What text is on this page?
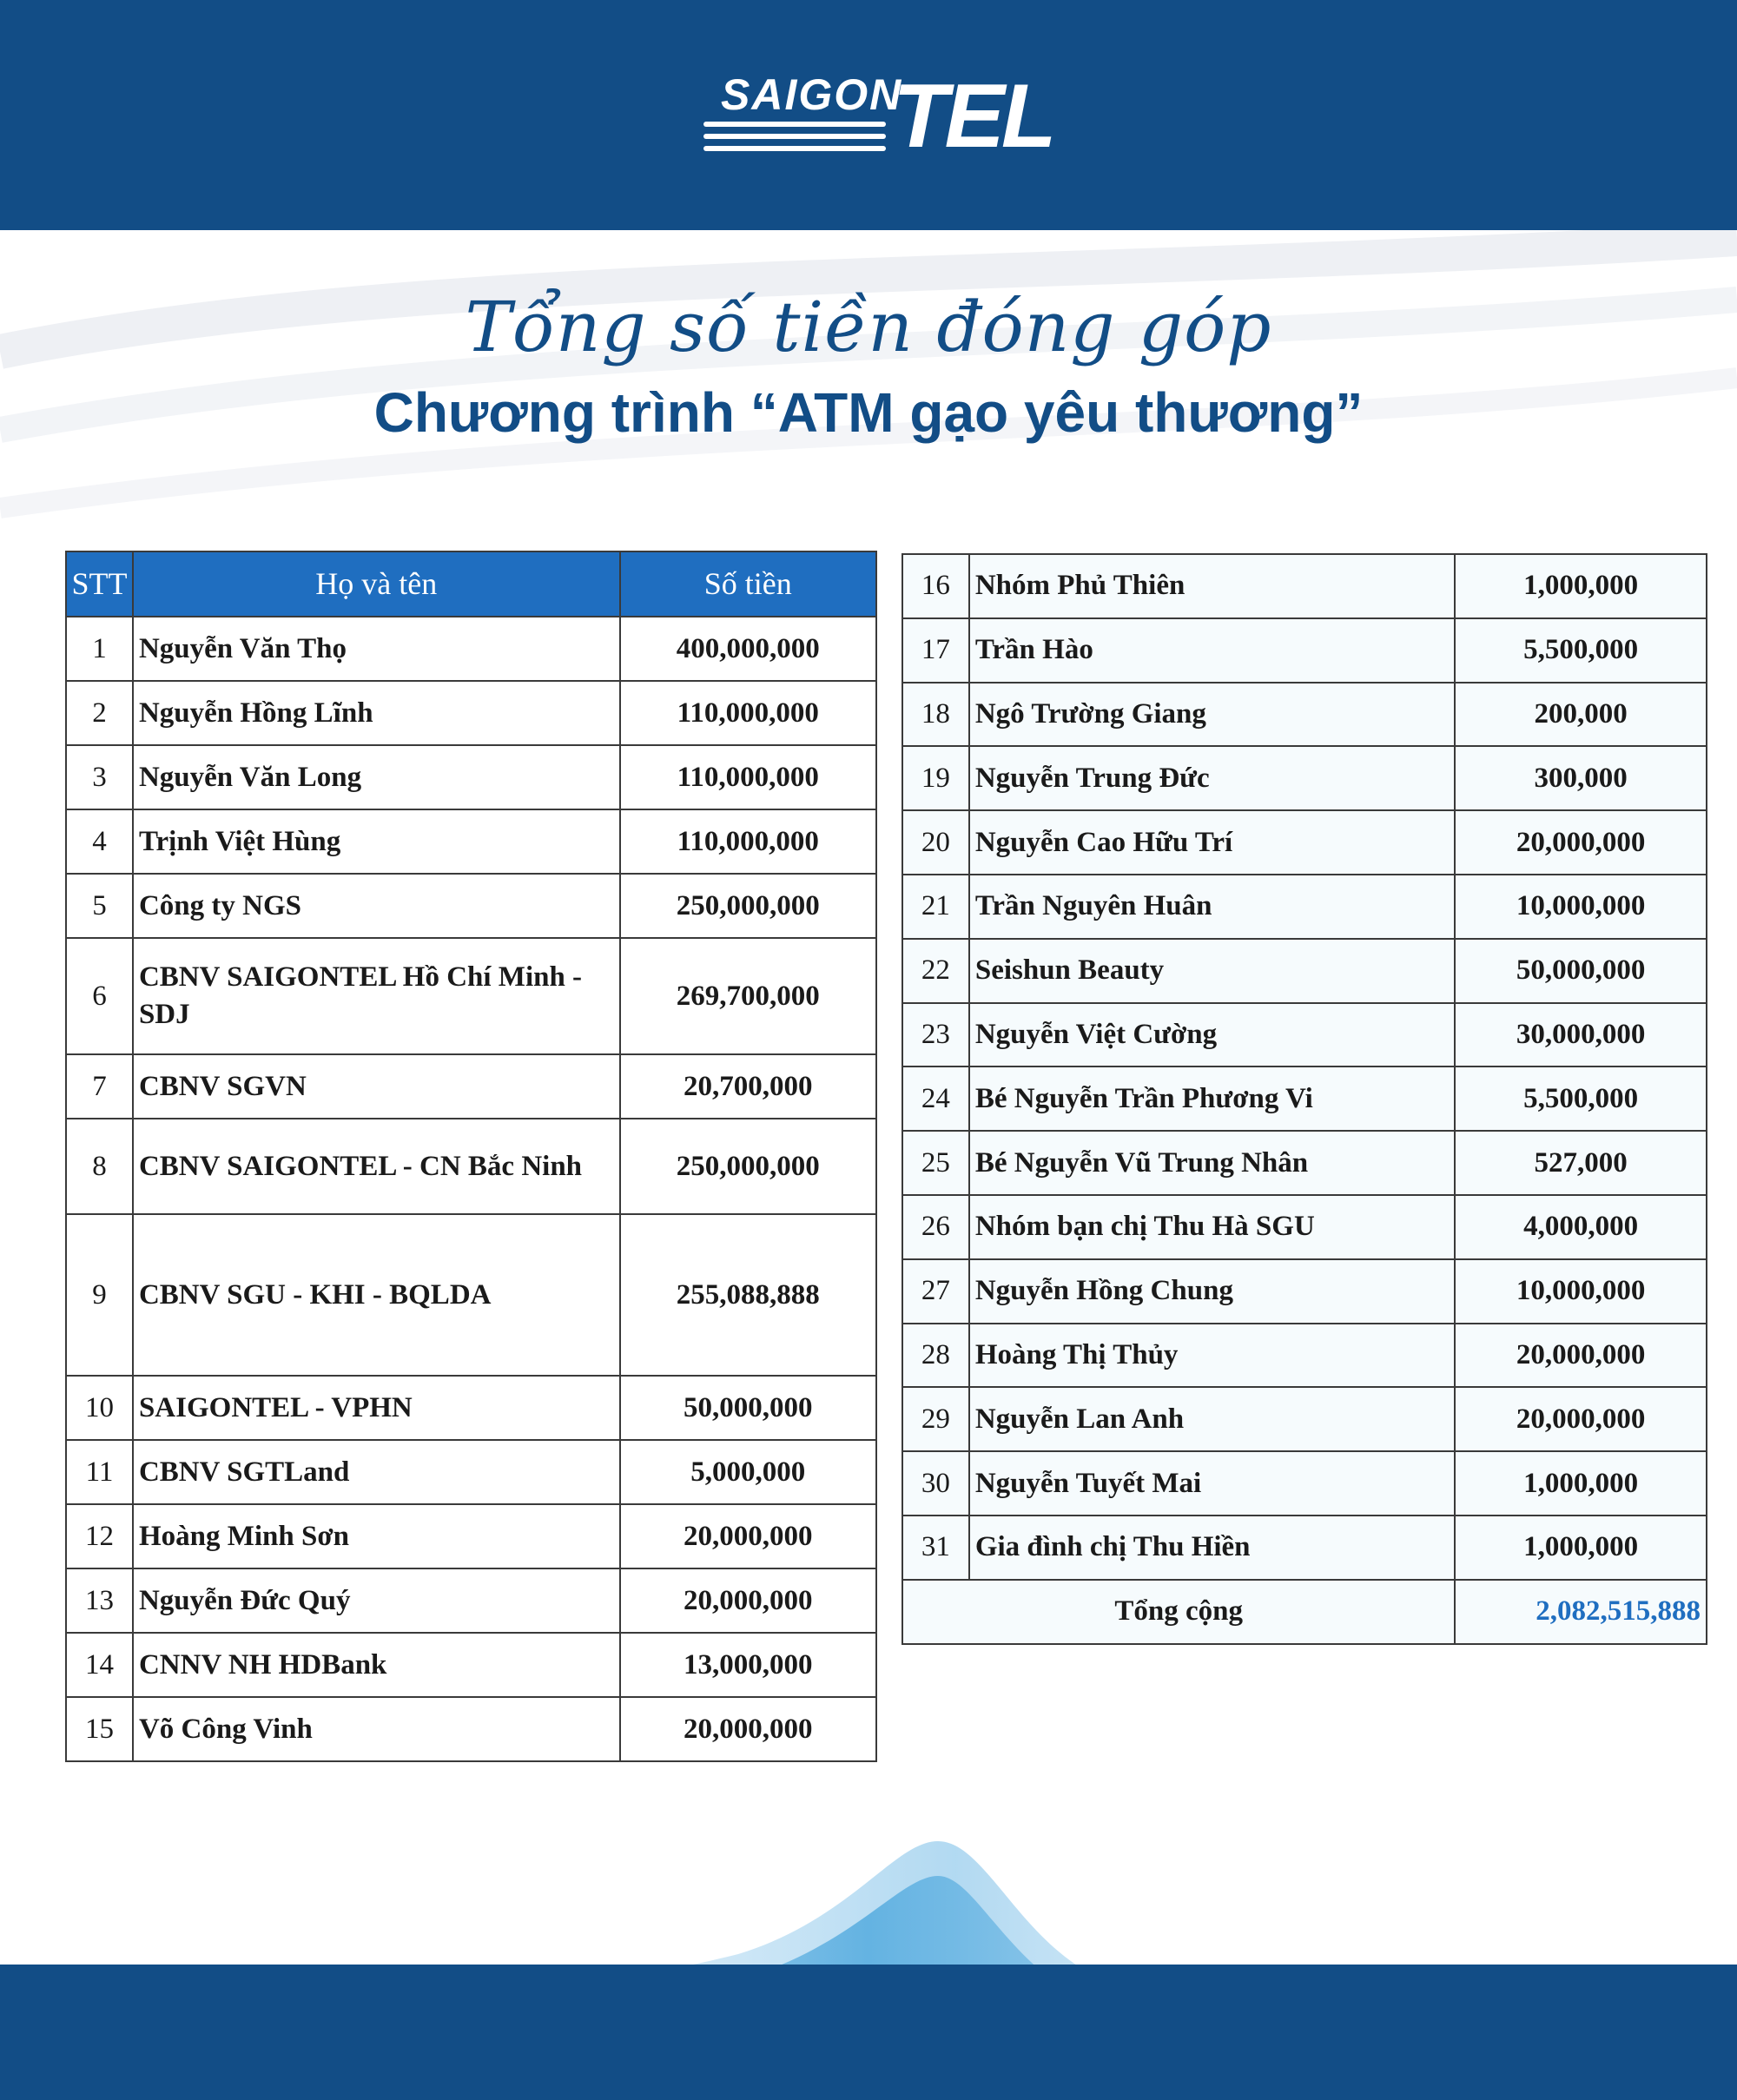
SAIGON
TEL
Tổng số tiền đóng góp
Chương trình “ATM gạo yêu thương”
STT	Họ và tên	Số tiền
1	Nguyễn Văn Thọ	400,000,000
2	Nguyễn Hồng Lĩnh	110,000,000
3	Nguyễn Văn Long	110,000,000
4	Trịnh Việt Hùng	110,000,000
5	Công ty NGS	250,000,000
6	CBNV SAIGONTEL Hồ Chí Minh - SDJ	269,700,000
7	CBNV SGVN	20,700,000
8	CBNV SAIGONTEL - CN Bắc Ninh	250,000,000
9	CBNV SGU - KHI - BQLDA	255,088,888
10	SAIGONTEL - VPHN	50,000,000
11	CBNV SGTLand	5,000,000
12	Hoàng Minh Sơn	20,000,000
13	Nguyễn Đức Quý	20,000,000
14	CNNV NH HDBank	13,000,000
15	Võ Công Vinh	20,000,000
16	Nhóm Phủ Thiên	1,000,000
17	Trần Hào	5,500,000
18	Ngô Trường Giang	200,000
19	Nguyễn Trung Đức	300,000
20	Nguyễn Cao Hữu Trí	20,000,000
21	Trần Nguyên Huân	10,000,000
22	Seishun Beauty	50,000,000
23	Nguyễn Việt Cường	30,000,000
24	Bé Nguyễn Trần Phương Vi	5,500,000
25	Bé Nguyễn Vũ Trung Nhân	527,000
26	Nhóm bạn chị Thu Hà SGU	4,000,000
27	Nguyễn Hồng Chung	10,000,000
28	Hoàng Thị Thủy	20,000,000
29	Nguyễn Lan Anh	20,000,000
30	Nguyễn Tuyết Mai	1,000,000
31	Gia đình chị Thu Hiền	1,000,000
Tổng cộng		2,082,515,888
